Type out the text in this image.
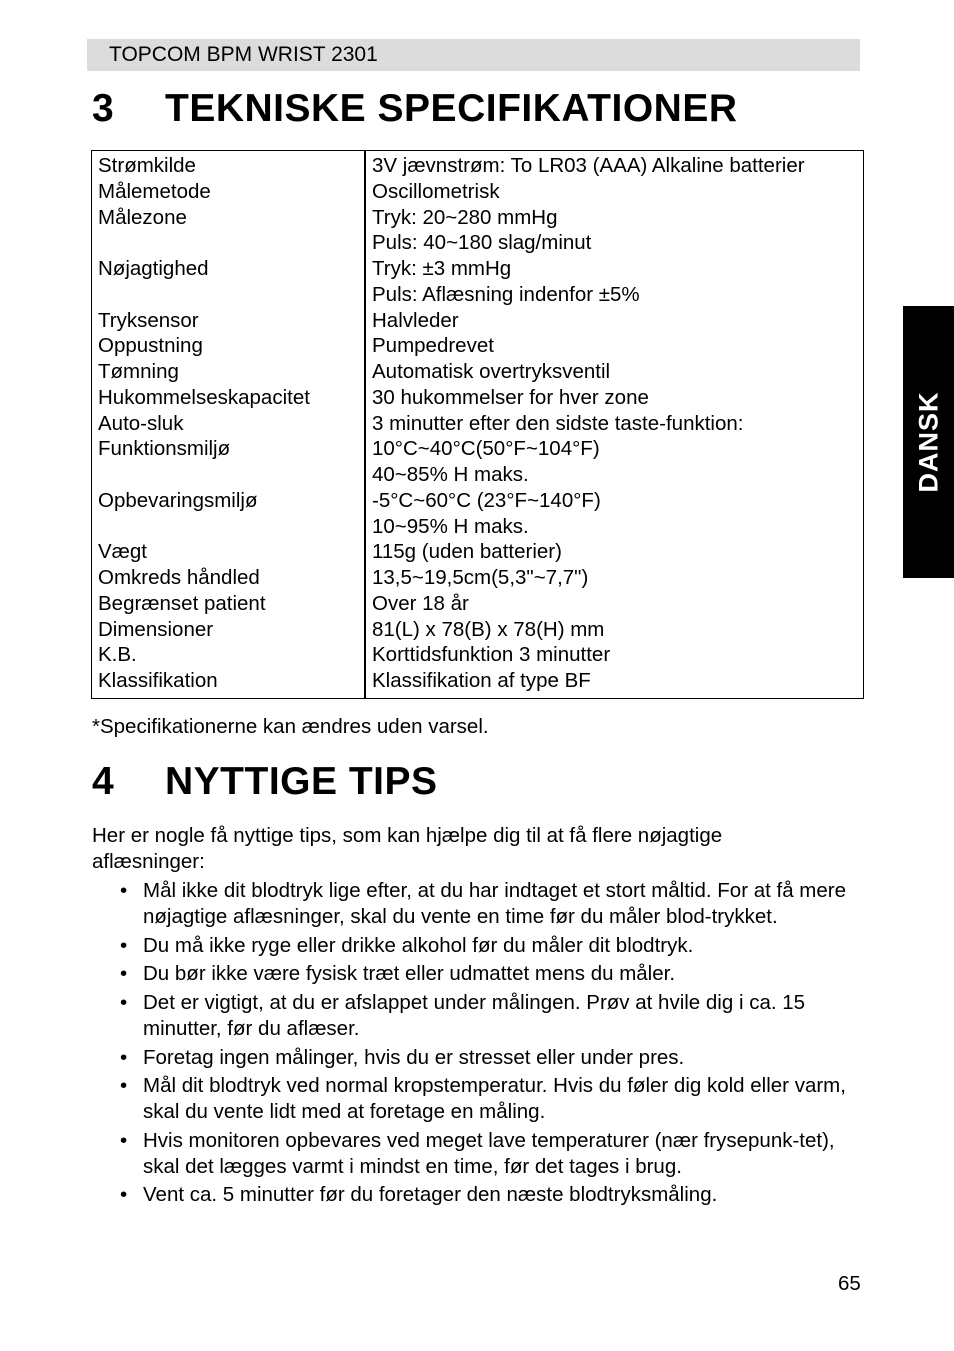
TOPCOM BPM WRIST 2301
3 TEKNISKE SPECIFIKATIONER
Strømkilde
Målemetode
Målezone
Nøjagtighed
Tryksensor
Oppustning
Tømning
Hukommelseskapacitet
Auto-sluk
Funktionsmiljø
Opbevaringsmiljø
Vægt
Omkreds håndled
Begrænset patient
Dimensioner
K.B.
Klassifikation
3V jævnstrøm: To LR03 (AAA) Alkaline batterier
Oscillometrisk
Tryk: 20~280 mmHg
Puls: 40~180 slag/minut
Tryk: ±3 mmHg
Puls: Aflæsning indenfor ±5%
Halvleder
Pumpedrevet
Automatisk overtryksventil
30 hukommelser for hver zone
3 minutter efter den sidste taste-funktion:
10°C~40°C(50°F~104°F)
40~85% H maks.
-5°C~60°C (23°F~140°F)
10~95% H maks.
115g (uden batterier)
13,5~19,5cm(5,3"~7,7")
Over 18 år
81(L) x 78(B) x 78(H) mm
Korttidsfunktion 3 minutter
Klassifikation af type BF
*Specifikationerne kan ændres uden varsel.
4 NYTTIGE TIPS
Her er nogle få nyttige tips, som kan hjælpe dig til at få flere nøjagtige aflæsninger:
• Mål ikke dit blodtryk lige efter, at du har indtaget et stort måltid. For at få mere nøjagtige aflæsninger, skal du vente en time før du måler blod-trykket.
• Du må ikke ryge eller drikke alkohol før du måler dit blodtryk.
• Du bør ikke være fysisk træt eller udmattet mens du måler.
• Det er vigtigt, at du er afslappet under målingen. Prøv at hvile dig i ca. 15 minutter, før du aflæser.
• Foretag ingen målinger, hvis du er stresset eller under pres.
• Mål dit blodtryk ved normal kropstemperatur. Hvis du føler dig kold eller varm, skal du vente lidt med at foretage en måling.
• Hvis monitoren opbevares ved meget lave temperaturer (nær frysepunk-tet), skal det lægges varmt i mindst en time, før det tages i brug.
• Vent ca. 5 minutter før du foretager den næste blodtryksmåling.
DANSK
65
